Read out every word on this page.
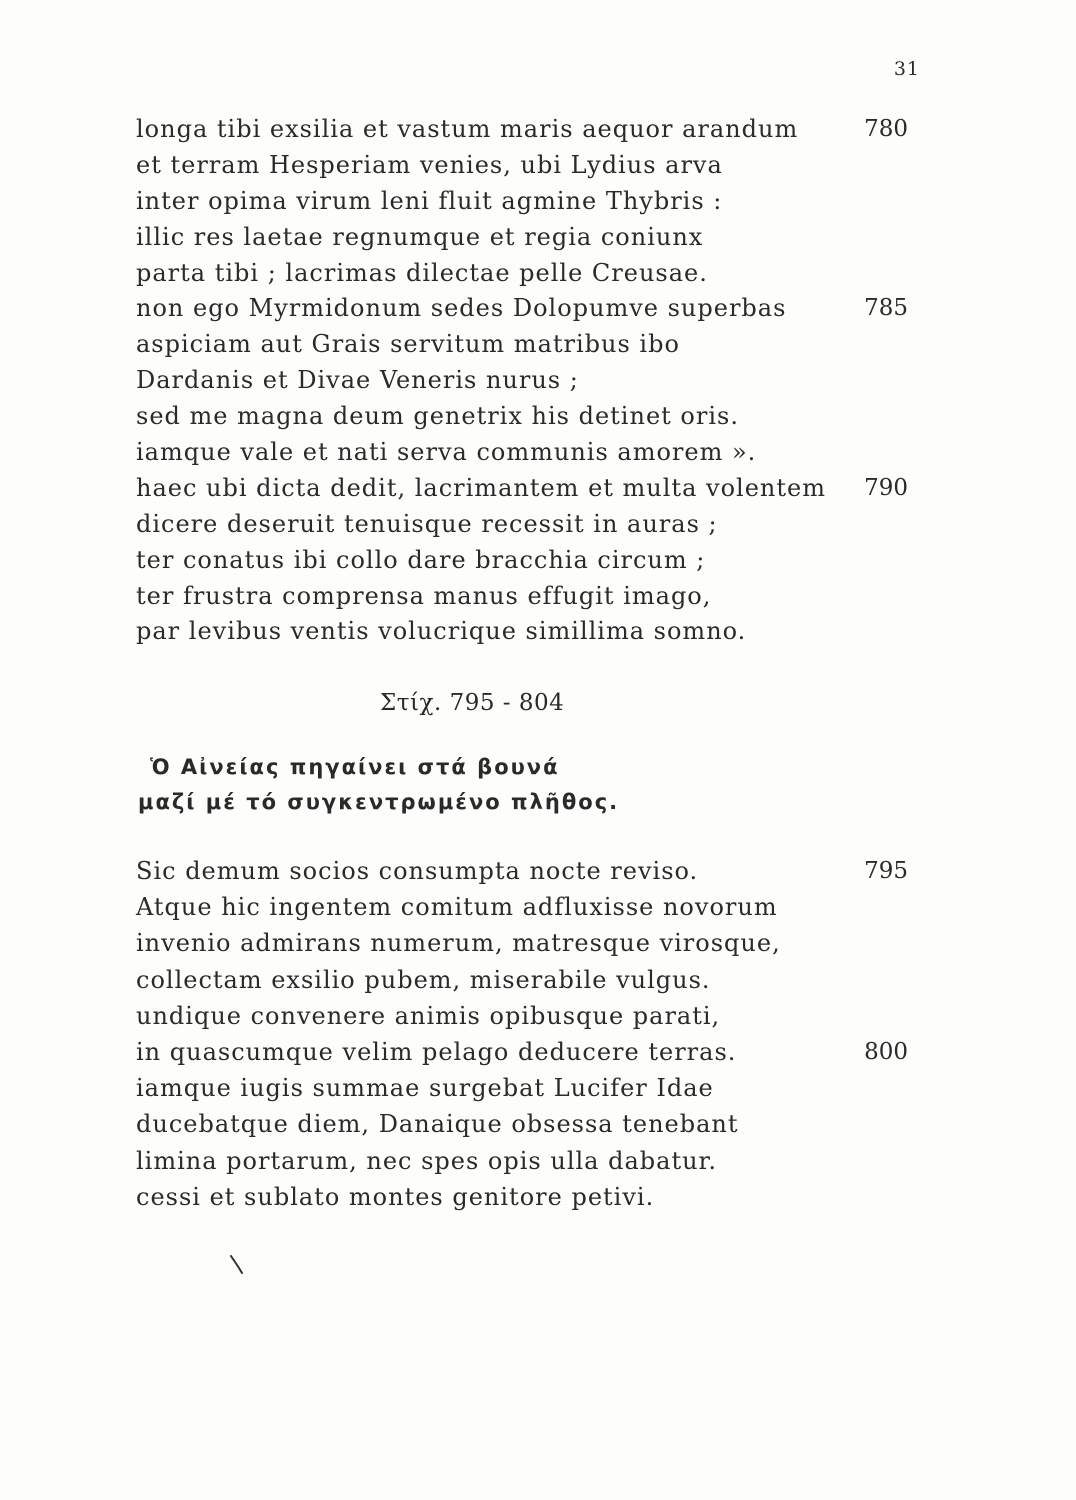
31
longa tibi exsilia et vastum maris aequor arandum	780
et terram Hesperiam venies, ubi Lydius arva
inter opima virum leni fluit agmine Thybris :
illic res laetae regnumque et regia coniunx
parta tibi ; lacrimas dilectae pelle Creusae.
non ego Myrmidonum sedes Dolopumve superbas	785
aspiciam aut Grais servitum matribus ibo
Dardanis et Divae Veneris nurus ;
sed me magna deum genetrix his detinet oris.
iamque vale et nati serva communis amorem ».
haec ubi dicta dedit, lacrimantem et multa volentem 790
dicere deseruit tenuisque recessit in auras ;
ter conatus ibi collo dare bracchia circum ;
ter frustra comprensa manus effugit imago,
par levibus ventis volucrique simillima somno.
Στίχ. 795 - 804
Ὁ Αἰνείας πηγαίνει στά βουνά
μαζί μέ τό συγκεντρωμένο πλῆθος.
Sic demum socios consumpta nocte reviso.	795
Atque hic ingentem comitum adfluxisse novorum
invenio admirans numerum, matresque virosque,
collectam exsilio pubem, miserabile vulgus.
undique convenere animis opibusque parati,
in quascumque velim pelago deducere terras.	800
iamque iugis summae surgebat Lucifer Idae
ducebatque diem, Danaique obsessa tenebant
limina portarum, nec spes opis ulla dabatur.
cessi et sublato montes genitore petivi.
